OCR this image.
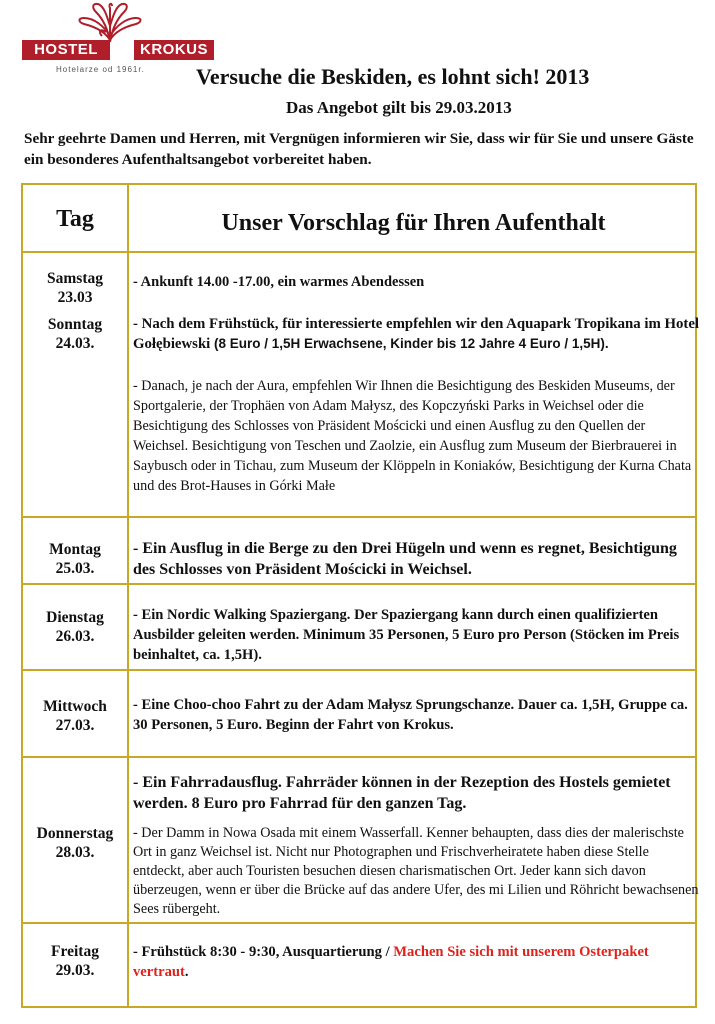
HOSTEL	KROKUS
Hotelarze od 1961r. Versuche die Beskiden, es lohnt sich! 2013
Das Angebot gilt bis 29.03.2013
Sehr geehrte Damen und Herren, mit Vergnügen informieren wir Sie, dass wir für Sie und unsere Gäste ein besonderes Aufenthaltsangebot vorbereitet haben.
Tag	Unser Vorschlag für Ihren Aufenthalt
Samstag
23.03
Sonntag
24.03.
- Ankunft 14.00 -17.00, ein warmes Abendessen
- Nach dem Frühstück, für interessierte empfehlen wir den Aquapark Tropikana im Hotel Gołębiewski (8 Euro / 1,5H Erwachsene, Kinder bis 12 Jahre 4 Euro / 1,5H).
- Danach, je nach der Aura, empfehlen Wir Ihnen die Besichtigung des Beskiden Museums, der Sportgalerie, der Trophäen von Adam Małysz, des Kopczyński Parks in Weichsel oder die Besichtigung des Schlosses von Präsident Mościcki und einen Ausflug zu den Quellen der Weichsel. Besichtigung von Teschen und Zaolzie, ein Ausflug zum Museum der Bierbrauerei in Saybusch oder in Tichau, zum Museum der Klöppeln in Koniaków, Besichtigung der Kurna Chata und des Brot-Hauses in Górki Małe
Montag
25.03.
- Ein Ausflug in die Berge zu den Drei Hügeln und wenn es regnet, Besichtigung des Schlosses von Präsident Mościcki in Weichsel.
Dienstag
26.03.
- Ein Nordic Walking Spaziergang. Der Spaziergang kann durch einen qualifizierten Ausbilder geleiten werden. Minimum 35 Personen, 5 Euro pro Person (Stöcken im Preis beinhaltet, ca. 1,5H).
Mittwoch
27.03.
- Eine Choo-choo Fahrt zu der Adam Małysz Sprungschanze. Dauer ca. 1,5H, Gruppe ca. 30 Personen, 5 Euro. Beginn der Fahrt von Krokus.
Donnerstag
28.03.
- Ein Fahrradausflug. Fahrräder können in der Rezeption des Hostels gemietet werden. 8 Euro pro Fahrrad für den ganzen Tag.
- Der Damm in Nowa Osada mit einem Wasserfall. Kenner behaupten, dass dies der malerischste Ort in ganz Weichsel ist. Nicht nur Photographen und Frischverheiratete haben diese Stelle entdeckt, aber auch Touristen besuchen diesen charismatischen Ort. Jeder kann sich davon überzeugen, wenn er über die Brücke auf das andere Ufer, des mi Lilien und Röhricht bewachsenen Sees rübergeht.
Freitag
29.03.
- Frühstück 8:30 - 9:30, Ausquartierung / Machen Sie sich mit unserem Osterpaket vertraut.
